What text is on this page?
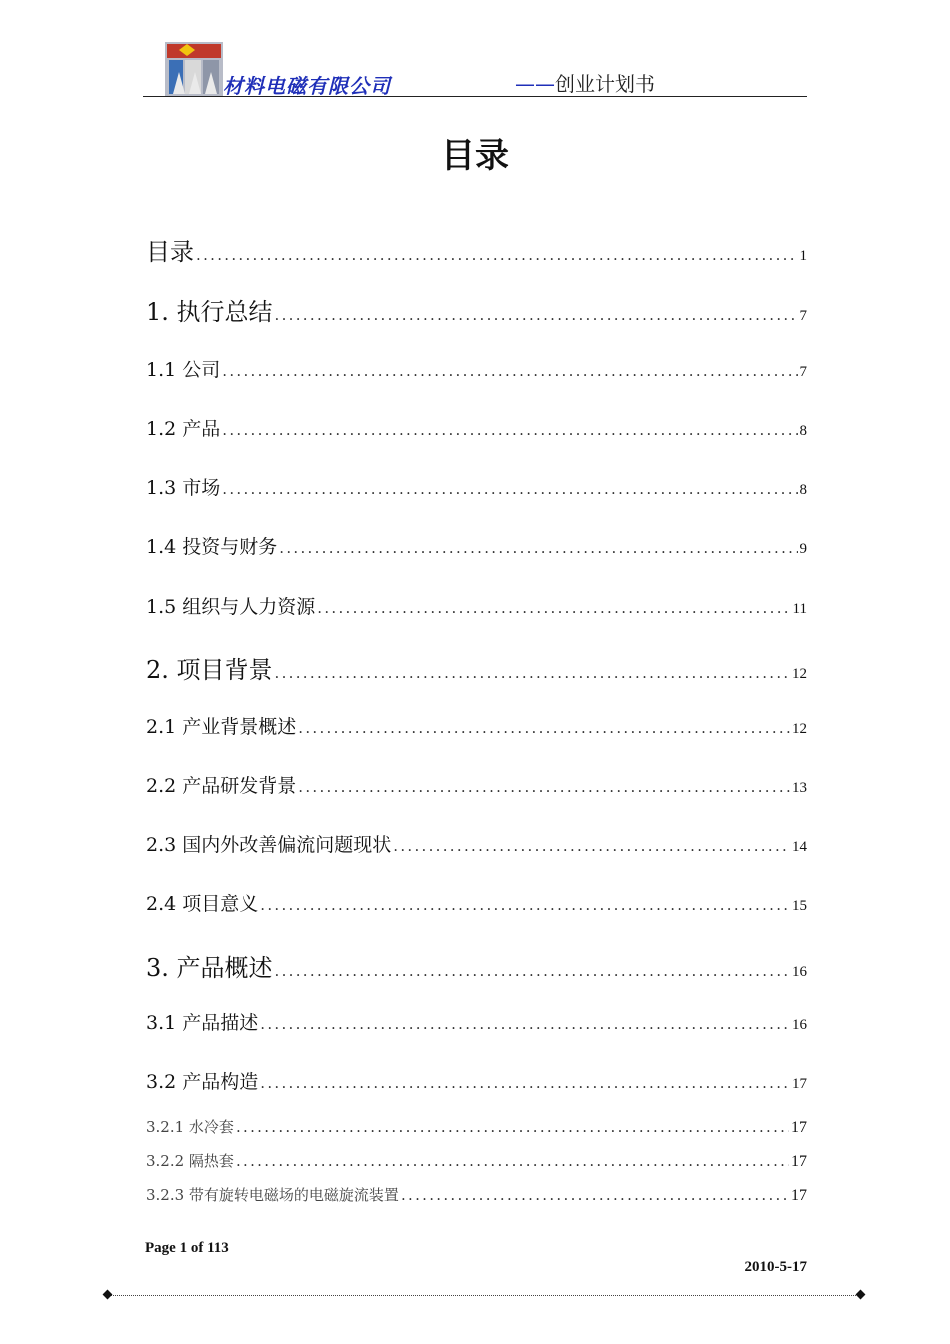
材料电磁有限公司	——创业计划书
目录
目录 .....	1
1. 执行总结 .....	7
1.1 公司 .....	7
1.2 产品 .....	8
1.3 市场 .....	8
1.4 投资与财务 .....	9
1.5 组织与人力资源 .....	11
2. 项目背景 .....	12
2.1 产业背景概述 .....	12
2.2 产品研发背景 .....	13
2.3 国内外改善偏流问题现状 .....	14
2.4 项目意义 .....	15
3. 产品概述 .....	16
3.1 产品描述 .....	16
3.2 产品构造 .....	17
3.2.1 水冷套 .....	17
3.2.2 隔热套 .....	17
3.2.3 带有旋转电磁场的电磁旋流装置 .....	17
Page 1 of 113
2010-5-17
